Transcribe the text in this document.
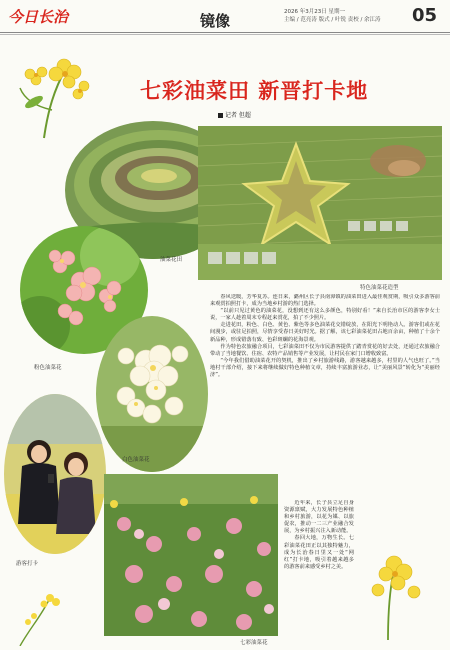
今日长治	镜像	2026 年3月23日 星期一
主编 / 范亮涛 版式 / 叶锐 责校 / 余江涛 05
七彩油菜田 新晋打卡地
记者 但超
油菜花田
特色油菜花造型
粉色油菜花
白色油菜花
游客打卡
七彩油菜花

春风送暖，芳华复苏。连日来，潞州区长子县南漳镇的油菜田进入最佳观赏期，吸引众多游客前来观赏拍照打卡，成为当地乡村游的热门选择。

“以前只见过黄色的油菜花，没想到还有这么多颜色，特别好看！”来自长治市区的游客李女士说，一家人趁着周末专程赶来赏花，拍了不少照片。

走进花田，粉色、白色、黄色、紫色等多色油菜花交错绽放，在阳光下明艳动人。游客们或在花间漫步，或驻足拍照，尽情享受春日美好时光。据了解，该七彩油菜花田占地百余亩，种植了十余个新品种，形成错落有致、色彩斑斓的花海景观。

作为特色农旅融合项目，七彩油菜田不仅为市民游客提供了踏青赏花的好去处，还通过农旅融合带动了当地餐饮、住宿、农特产品销售等产业发展，让村民在家门口增收致富。

“今年我们借助油菜花开的契机，推出了乡村旅游线路，游客越来越多，村里的人气也旺了。”当地村干部介绍，接下来将继续做好特色种植文章，持续丰富旅游业态，让“美丽风景”转化为“美丽经济”。

近年来，长子县立足自身资源禀赋，大力发展特色种植和乡村旅游，以花为媒、以旅促农，推动一二三产业融合发展，为乡村振兴注入新动能。

春回大地，万物生长。七彩油菜花田正以其独特魅力，成为长治春日里又一处“网红”打卡地，吸引着越来越多的游客前来感受乡村之美。
